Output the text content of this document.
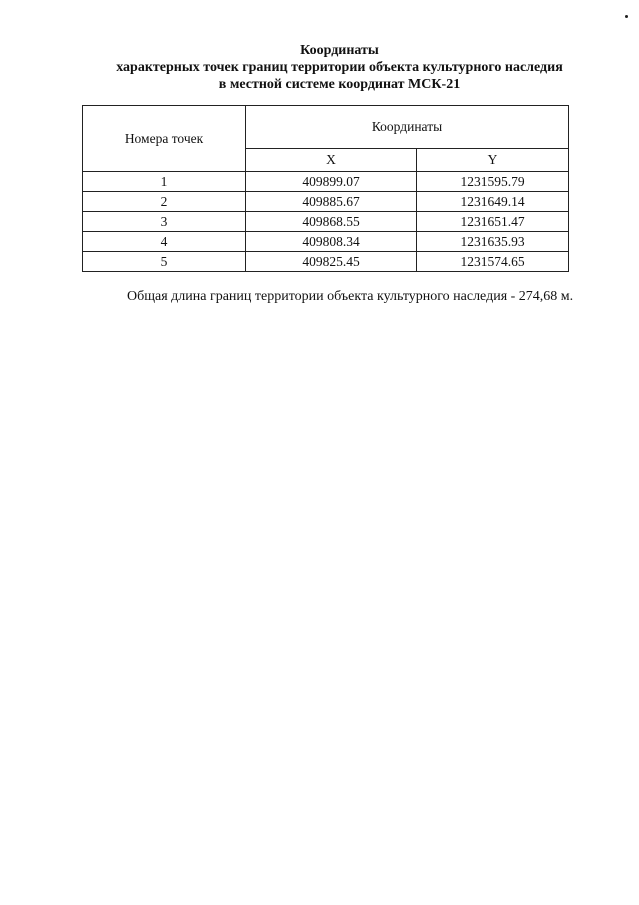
Координаты
характерных точек границ территории объекта культурного наследия
в местной системе координат МСК-21
Номера точек	Координаты	
	X	Y
1	409899.07	1231595.79
2	409885.67	1231649.14
3	409868.55	1231651.47
4	409808.34	1231635.93
5	409825.45	1231574.65
Общая длина границ территории объекта культурного наследия - 274,68 м.
